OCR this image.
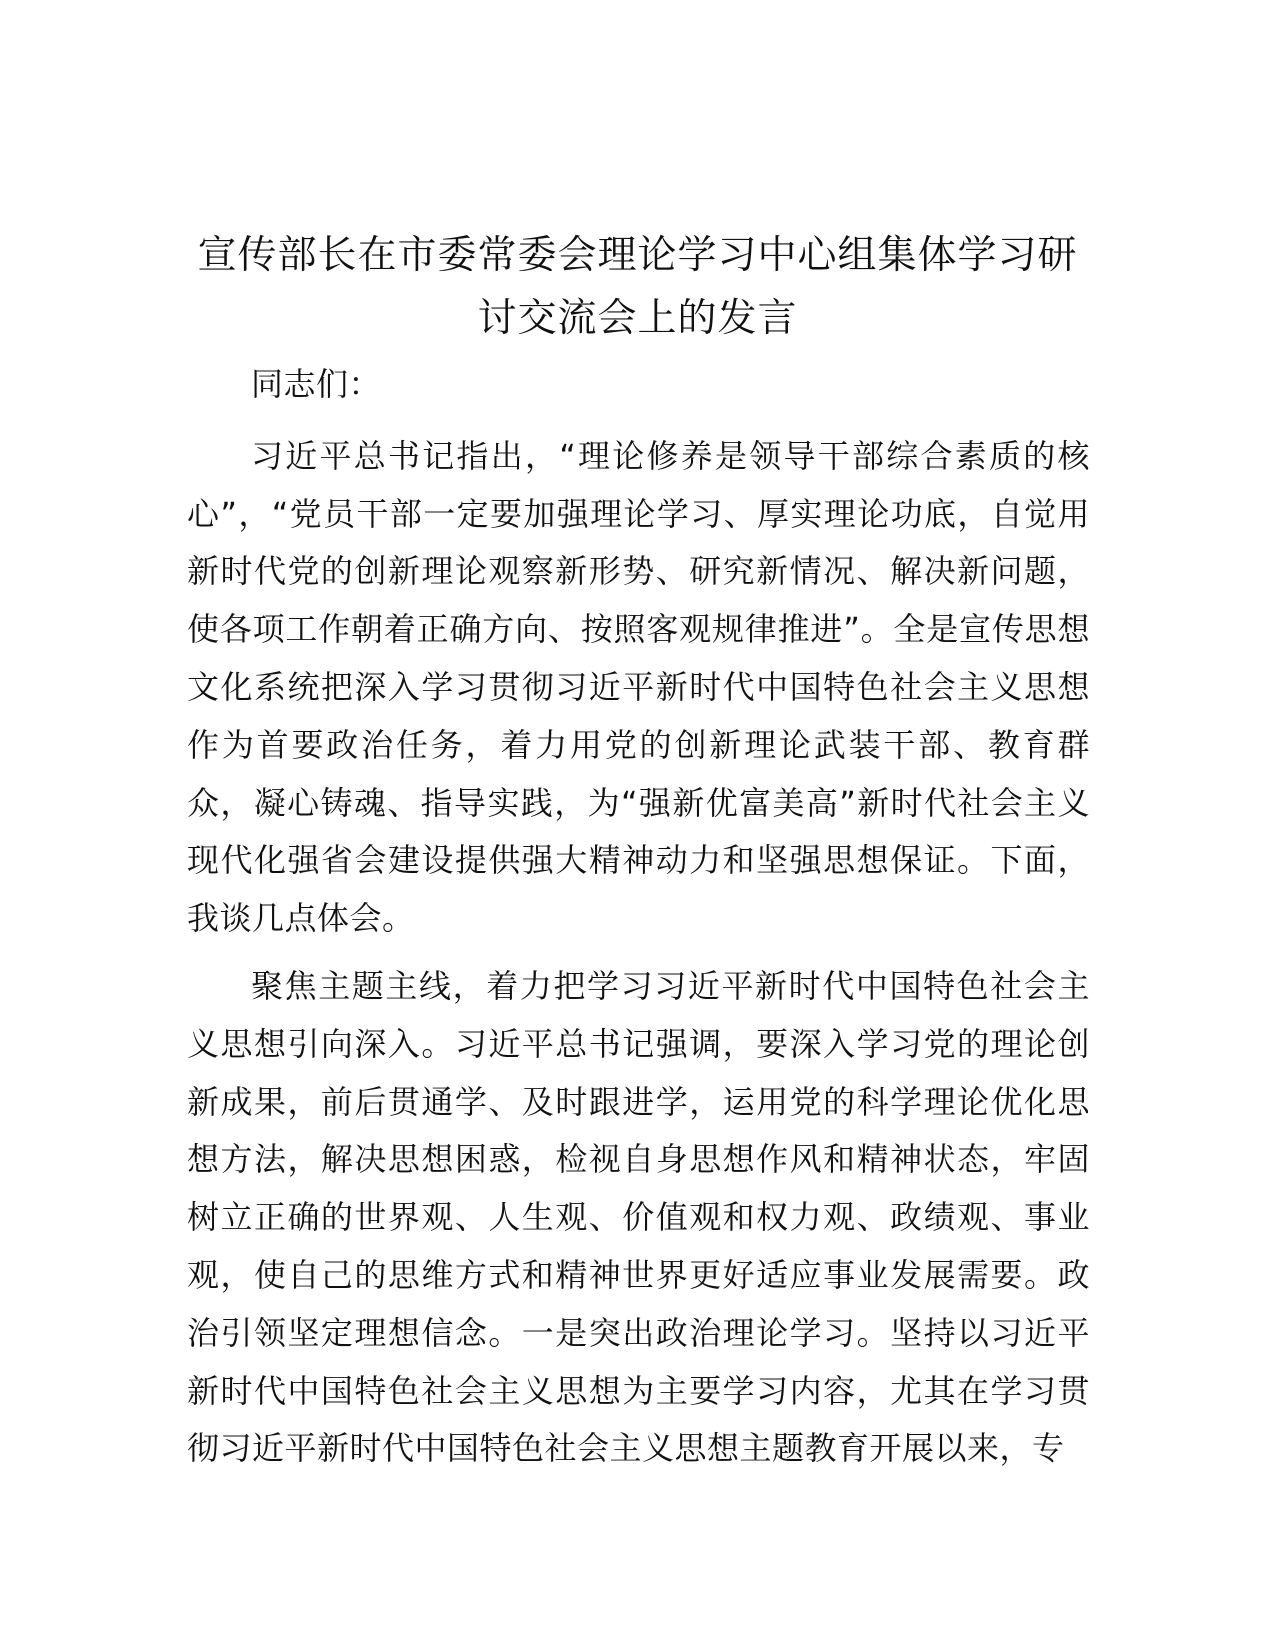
宣传部长在市委常委会理论学习中心组集体学习研讨交流会上的发言

同志们：

习近平总书记指出，“理论修养是领导干部综合素质的核心”，“党员干部一定要加强理论学习、厚实理论功底，自觉用新时代党的创新理论观察新形势、研究新情况、解决新问题，使各项工作朝着正确方向、按照客观规律推进”。全是宣传思想文化系统把深入学习贯彻习近平新时代中国特色社会主义思想作为首要政治任务，着力用党的创新理论武装干部、教育群众，凝心铸魂、指导实践，为“强新优富美高”新时代社会主义现代化强省会建设提供强大精神动力和坚强思想保证。下面，我谈几点体会。

聚焦主题主线，着力把学习习近平新时代中国特色社会主义思想引向深入。习近平总书记强调，要深入学习党的理论创新成果，前后贯通学、及时跟进学，运用党的科学理论优化思想方法，解决思想困惑，检视自身思想作风和精神状态，牢固树立正确的世界观、人生观、价值观和权力观、政绩观、事业观，使自己的思维方式和精神世界更好适应事业发展需要。政治引领坚定理想信念。一是突出政治理论学习。坚持以习近平新时代中国特色社会主义思想为主要学习内容，尤其在学习贯彻习近平新时代中国特色社会主义思想主题教育开展以来，专
